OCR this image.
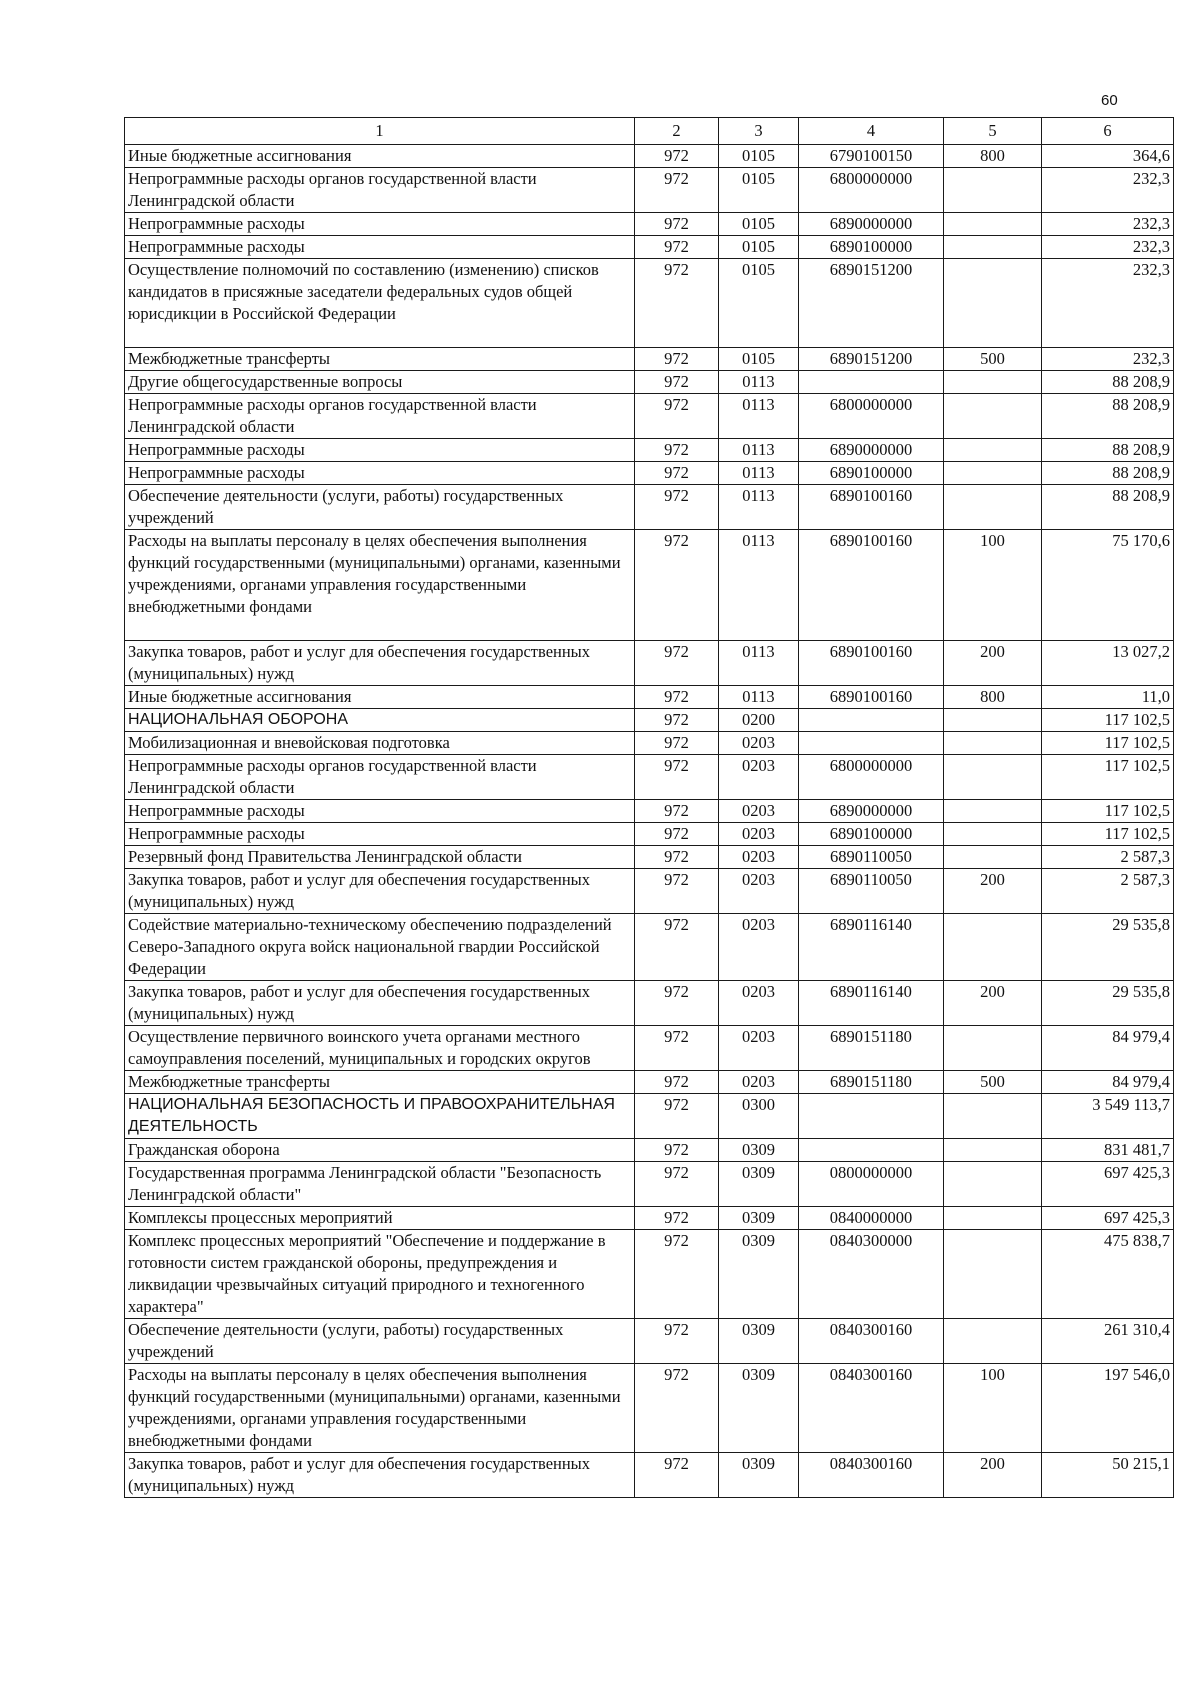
60
1	2	3	4	5	6
Иные бюджетные ассигнования	972	0105	6790100150	800	364,6
Непрограммные расходы органов государственной власти Ленинградской области	972	0105	6800000000		232,3
Непрограммные расходы	972	0105	6890000000		232,3
Непрограммные расходы	972	0105	6890100000		232,3
Осуществление полномочий по составлению (изменению) списков кандидатов в присяжные заседатели федеральных судов общей юрисдикции в Российской Федерации	972	0105	6890151200		232,3
Межбюджетные трансферты	972	0105	6890151200	500	232,3
Другие общегосударственные вопросы	972	0113			88 208,9
Непрограммные расходы органов государственной власти Ленинградской области	972	0113	6800000000		88 208,9
Непрограммные расходы	972	0113	6890000000		88 208,9
Непрограммные расходы	972	0113	6890100000		88 208,9
Обеспечение деятельности (услуги, работы) государственных учреждений	972	0113	6890100160		88 208,9
Расходы на выплаты персоналу в целях обеспечения выполнения функций государственными (муниципальными) органами, казенными учреждениями, органами управления государственными внебюджетными фондами	972	0113	6890100160	100	75 170,6
Закупка товаров, работ и услуг для обеспечения государственных (муниципальных) нужд	972	0113	6890100160	200	13 027,2
Иные бюджетные ассигнования	972	0113	6890100160	800	11,0
НАЦИОНАЛЬНАЯ ОБОРОНА	972	0200			117 102,5
Мобилизационная и вневойсковая подготовка	972	0203			117 102,5
Непрограммные расходы органов государственной власти Ленинградской области	972	0203	6800000000		117 102,5
Непрограммные расходы	972	0203	6890000000		117 102,5
Непрограммные расходы	972	0203	6890100000		117 102,5
Резервный фонд Правительства Ленинградской области	972	0203	6890110050		2 587,3
Закупка товаров, работ и услуг для обеспечения государственных (муниципальных) нужд	972	0203	6890110050	200	2 587,3
Содействие материально-техническому обеспечению подразделений Северо-Западного округа войск национальной гвардии Российской Федерации	972	0203	6890116140		29 535,8
Закупка товаров, работ и услуг для обеспечения государственных (муниципальных) нужд	972	0203	6890116140	200	29 535,8
Осуществление первичного воинского учета органами местного самоуправления поселений, муниципальных и городских округов	972	0203	6890151180		84 979,4
Межбюджетные трансферты	972	0203	6890151180	500	84 979,4
НАЦИОНАЛЬНАЯ БЕЗОПАСНОСТЬ И ПРАВООХРАНИТЕЛЬНАЯ ДЕЯТЕЛЬНОСТЬ	972	0300			3 549 113,7
Гражданская оборона	972	0309			831 481,7
Государственная программа Ленинградской области "Безопасность Ленинградской области"	972	0309	0800000000		697 425,3
Комплексы процессных мероприятий	972	0309	0840000000		697 425,3
Комплекс процессных мероприятий "Обеспечение и поддержание в готовности систем гражданской обороны, предупреждения и ликвидации чрезвычайных ситуаций природного и техногенного характера"	972	0309	0840300000		475 838,7
Обеспечение деятельности (услуги, работы) государственных учреждений	972	0309	0840300160		261 310,4
Расходы на выплаты персоналу в целях обеспечения выполнения функций государственными (муниципальными) органами, казенными учреждениями, органами управления государственными внебюджетными фондами	972	0309	0840300160	100	197 546,0
Закупка товаров, работ и услуг для обеспечения государственных (муниципальных) нужд	972	0309	0840300160	200	50 215,1
